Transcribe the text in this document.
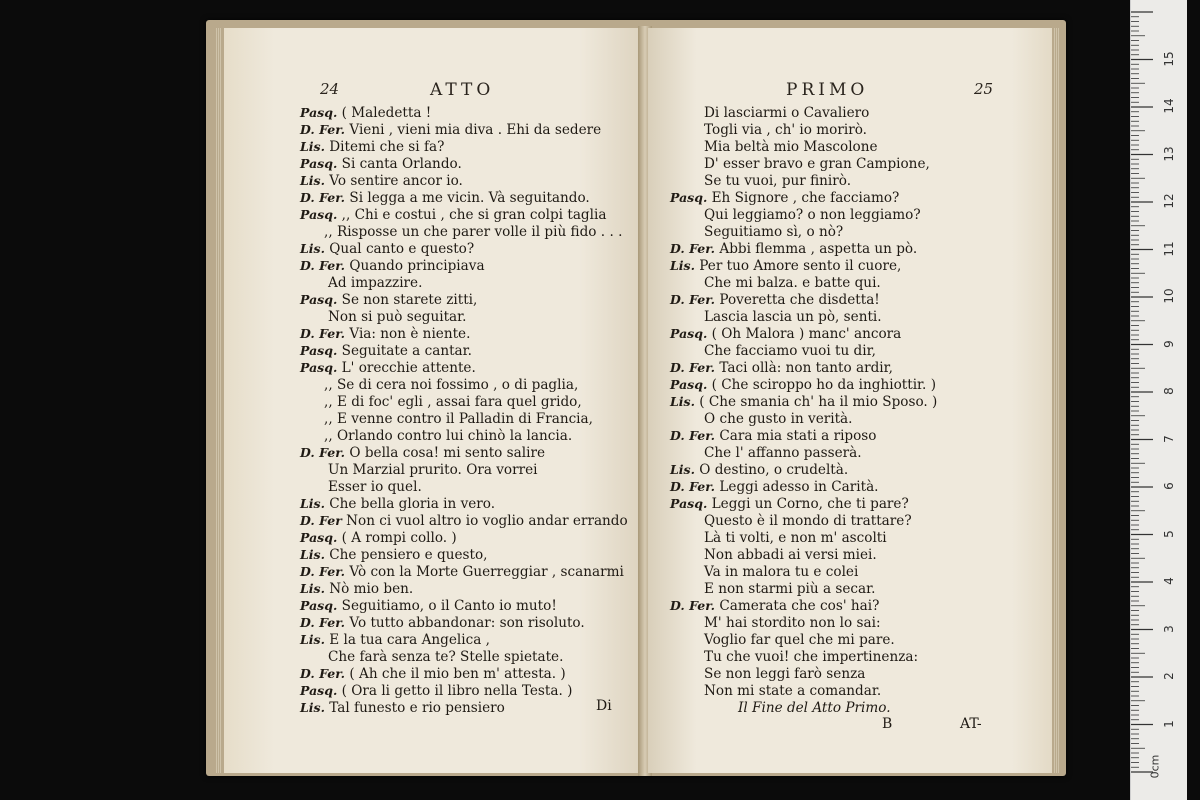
24	ATTO
Pasq. ( Maledetta !
D. Fer. Vieni , vieni mia diva . Ehi da sedere
Lis. Ditemi che si fa?
Pasq. Si canta Orlando.
Lis. Vo sentire ancor io.
D. Fer. Si legga a me vicin. Và seguitando.
Pasq. ,, Chi e costui , che si gran colpi taglia
,, Risposse un che parer volle il più fido . . .
Lis. Qual canto e questo?
D. Fer. Quando principiava
Ad impazzire.
Pasq. Se non starete zitti,
Non si può seguitar.
D. Fer. Via: non è niente.
Pasq. Seguitate a cantar.
Pasq. L' orecchie attente.
,, Se di cera noi fossimo , o di paglia,
,, E di foc' egli , assai fara quel grido,
,, E venne contro il Palladin di Francia,
,, Orlando contro lui chinò la lancia.
D. Fer. O bella cosa! mi sento salire
Un Marzial prurito. Ora vorrei
Esser io quel.
Lis. Che bella gloria in vero.
D. Fer Non ci vuol altro io voglio andar errando
Pasq. ( A rompi collo. )
Lis. Che pensiero e questo,
D. Fer. Vò con la Morte Guerreggiar , scanarmi
Lis. Nò mio ben.
Pasq. Seguitiamo, o il Canto io muto!
D. Fer. Vo tutto abbandonar: son risoluto.
Lis. E la tua cara Angelica ,
Che farà senza te? Stelle spietate.
D. Fer. ( Ah che il mio ben m' attesta. )
Pasq. ( Ora li getto il libro nella Testa. )
Lis. Tal funesto e rio pensiero	Di
PRIMO	25
Di lasciarmi o Cavaliero
Togli via , ch' io morirò.
Mia beltà mio Mascolone
D' esser bravo e gran Campione,
Se tu vuoi, pur finirò.
Pasq. Eh Signore , che facciamo?
Qui leggiamo? o non leggiamo?
Seguitiamo sì, o nò?
D. Fer. Abbi flemma , aspetta un pò.
Lis. Per tuo Amore sento il cuore,
Che mi balza. e batte qui.
D. Fer. Poveretta che disdetta!
Lascia lascia un pò, senti.
Pasq. ( Oh Malora ) manc' ancora
Che facciamo vuoi tu dir,
D. Fer. Taci ollà: non tanto ardir,
Pasq. ( Che sciroppo ho da inghiottir. )
Lis. ( Che smania ch' ha il mio Sposo. )
O che gusto in verità.
D. Fer. Cara mia stati a riposo
Che l' affanno passerà.
Lis. O destino, o crudeltà.
D. Fer. Leggi adesso in Carità.
Pasq. Leggi un Corno, che ti pare?
Questo è il mondo di trattare?
Là ti volti, e non m' ascolti
Non abbadi ai versi miei.
Va in malora tu e colei
E non starmi più a secar.
D. Fer. Camerata che cos' hai?
M' hai stordito non lo sai:
Voglio far quel che mi pare.
Tu che vuoi! che impertinenza:
Se non leggi farò senza
Non mi state a comandar.
Il Fine del Atto Primo.
B	AT-
0cm
1
2
3
4
5
6
7
8
9
10
11
12
13
14
15
